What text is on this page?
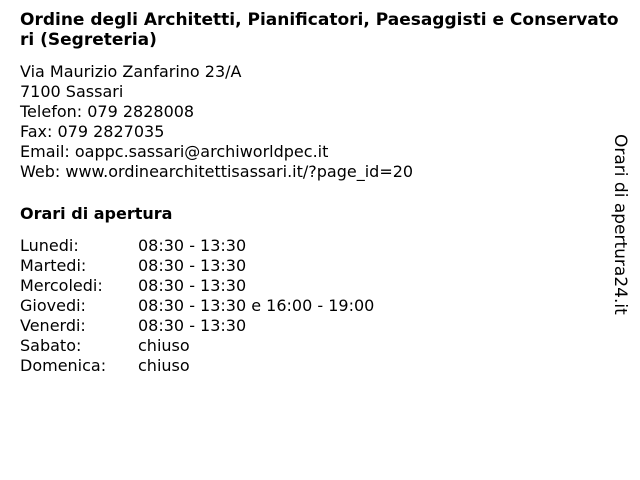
Ordine degli Architetti, Pianificatori, Paesaggisti e Conservatori (Segreteria)
Via Maurizio Zanfarino 23/A
7100 Sassari
Telefon: 079 2828008
Fax: 079 2827035
Email: oappc.sassari@archiworldpec.it
Web: www.ordinearchitettisassari.it/?page_id=20
Orari di apertura
Lunedi:	08:30 - 13:30
Martedi:	08:30 - 13:30
Mercoledi:	08:30 - 13:30
Giovedi:	08:30 - 13:30 e 16:00 - 19:00
Venerdi:	08:30 - 13:30
Sabato:	chiuso
Domenica:	chiuso
Orari di apertura24.it
